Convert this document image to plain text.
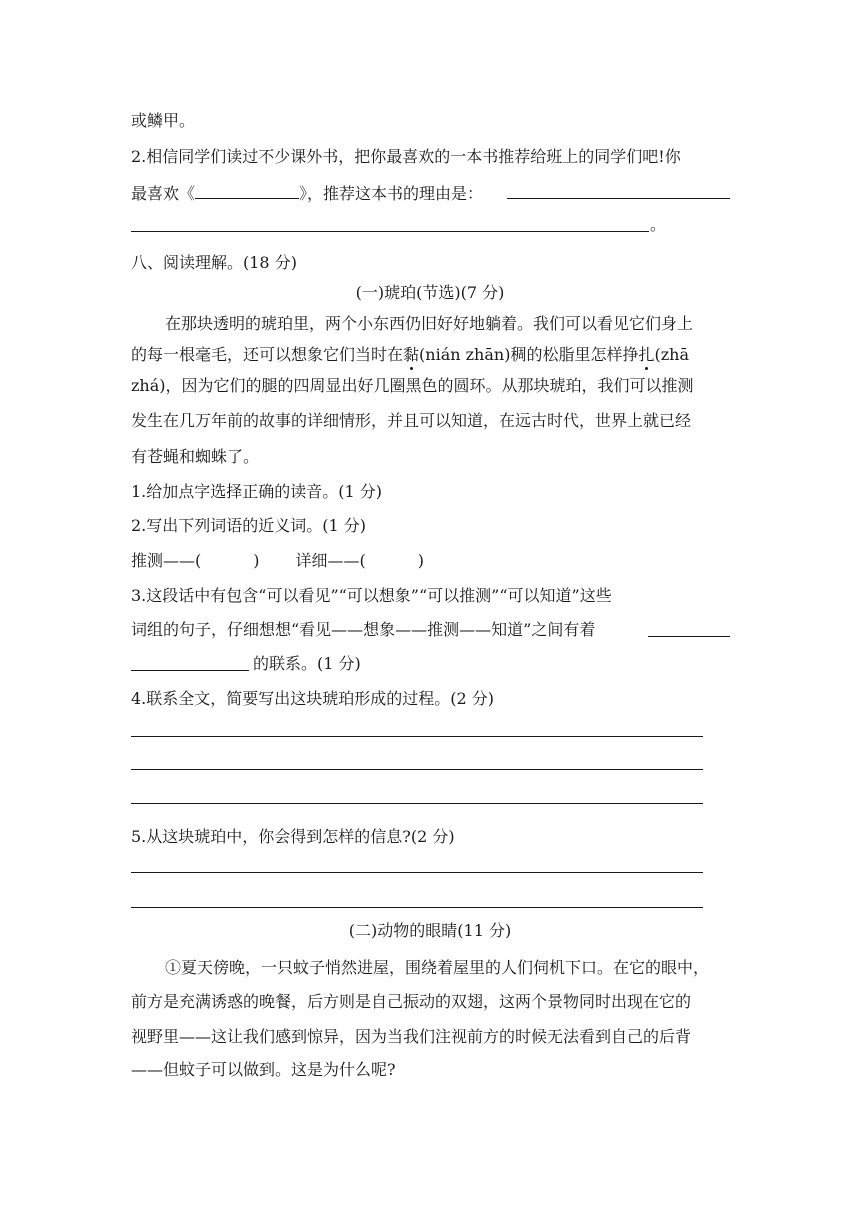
或鳞甲。
2.相信同学们读过不少课外书，把你最喜欢的一本书推荐给班上的同学们吧!你
最喜欢《	》，推荐这本书的理由是：
。
八、阅读理解。(18 分)
(一)琥珀(节选)(7 分)
在那块透明的琥珀里，两个小东西仍旧好好地躺着。我们可以看见它们身上
的每一根毫毛，还可以想象它们当时在黏(nián zhān)稠的松脂里怎样挣扎(zhā
zhá)，因为它们的腿的四周显出好几圈黑色的圆环。从那块琥珀，我们可以推测
发生在几万年前的故事的详细情形，并且可以知道，在远古时代，世界上就已经
有苍蝇和蜘蛛了。
1.给加点字选择正确的读音。(1 分)
2.写出下列词语的近义词。(1 分)
推测——(	) 详细——(	)
3.这段话中有包含“可以看见”“可以想象”“可以推测”“可以知道”这些
词组的句子，仔细想想“看见——想象——推测——知道”之间有着
的联系。(1 分)
4.联系全文，简要写出这块琥珀形成的过程。(2 分)
5.从这块琥珀中，你会得到怎样的信息?(2 分)
(二)动物的眼睛(11 分)
①夏天傍晚，一只蚊子悄然进屋，围绕着屋里的人们伺机下口。在它的眼中，
前方是充满诱惑的晚餐，后方则是自己振动的双翅，这两个景物同时出现在它的
视野里——这让我们感到惊异，因为当我们注视前方的时候无法看到自己的后背
——但蚊子可以做到。这是为什么呢?
